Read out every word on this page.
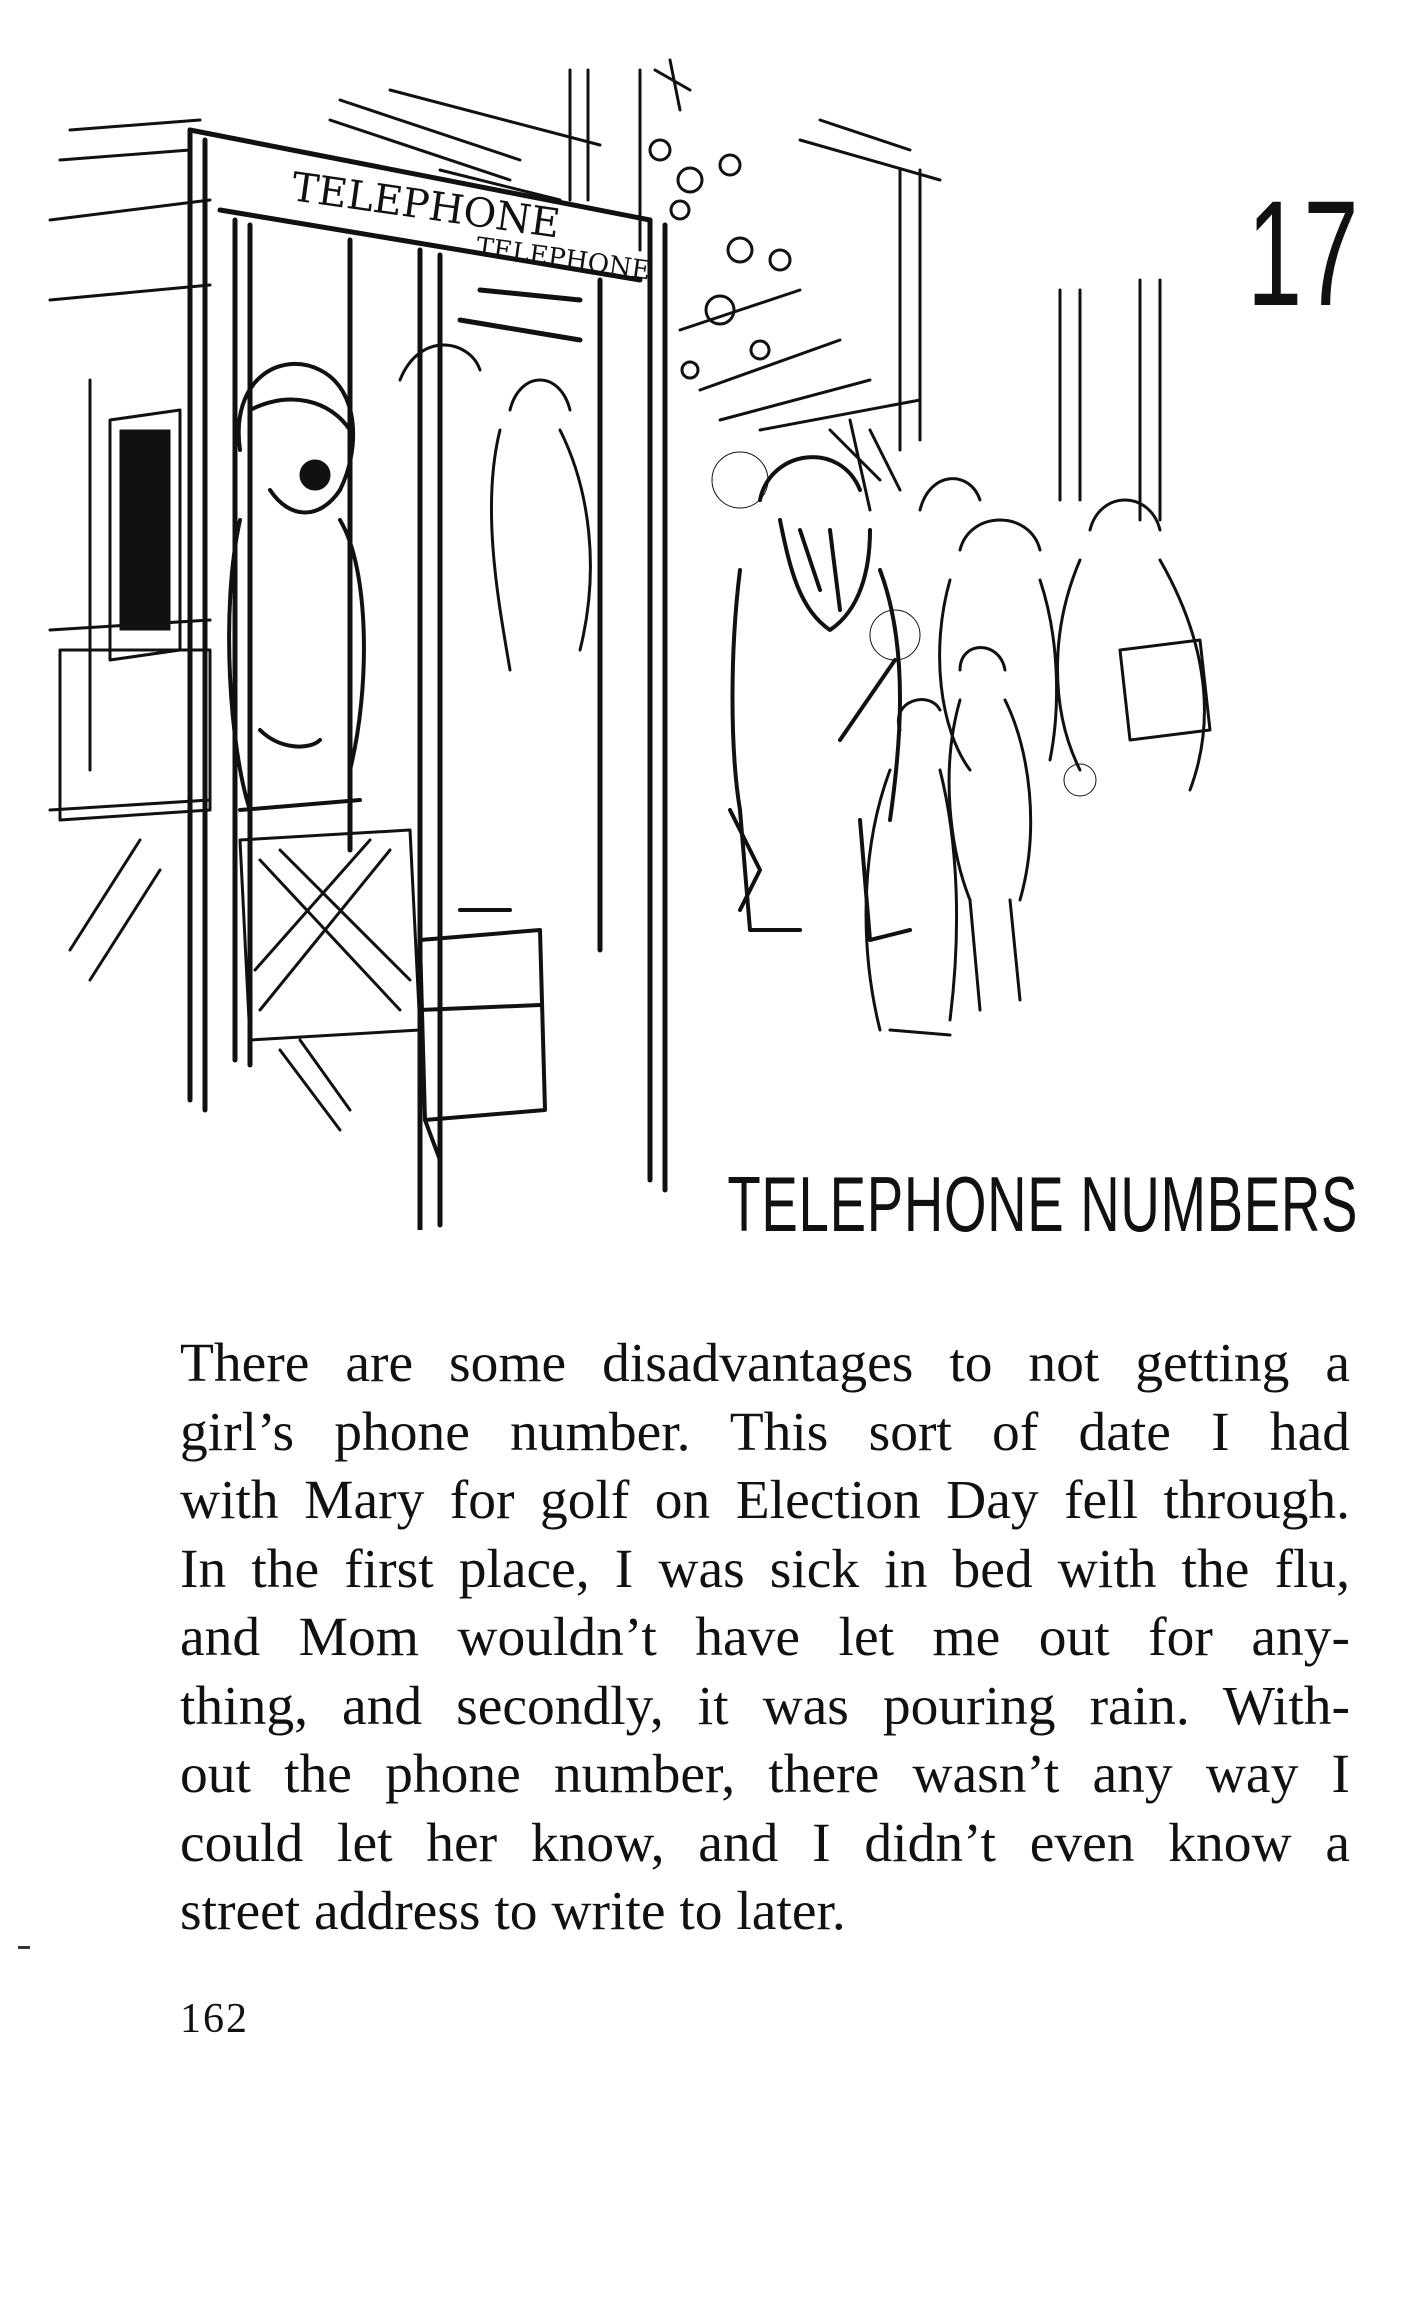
TELEPHONE
TELEPHONE	17
TELEPHONE NUMBERS
There are some disadvantages to not getting a
girl’s phone number. This sort of date I had
with Mary for golf on Election Day fell through.
In the first place, I was sick in bed with the flu,
and Mom wouldn’t have let me out for any-
thing, and secondly, it was pouring rain. With-
out the phone number, there wasn’t any way I
could let her know, and I didn’t even know a
street address to write to later.
162
